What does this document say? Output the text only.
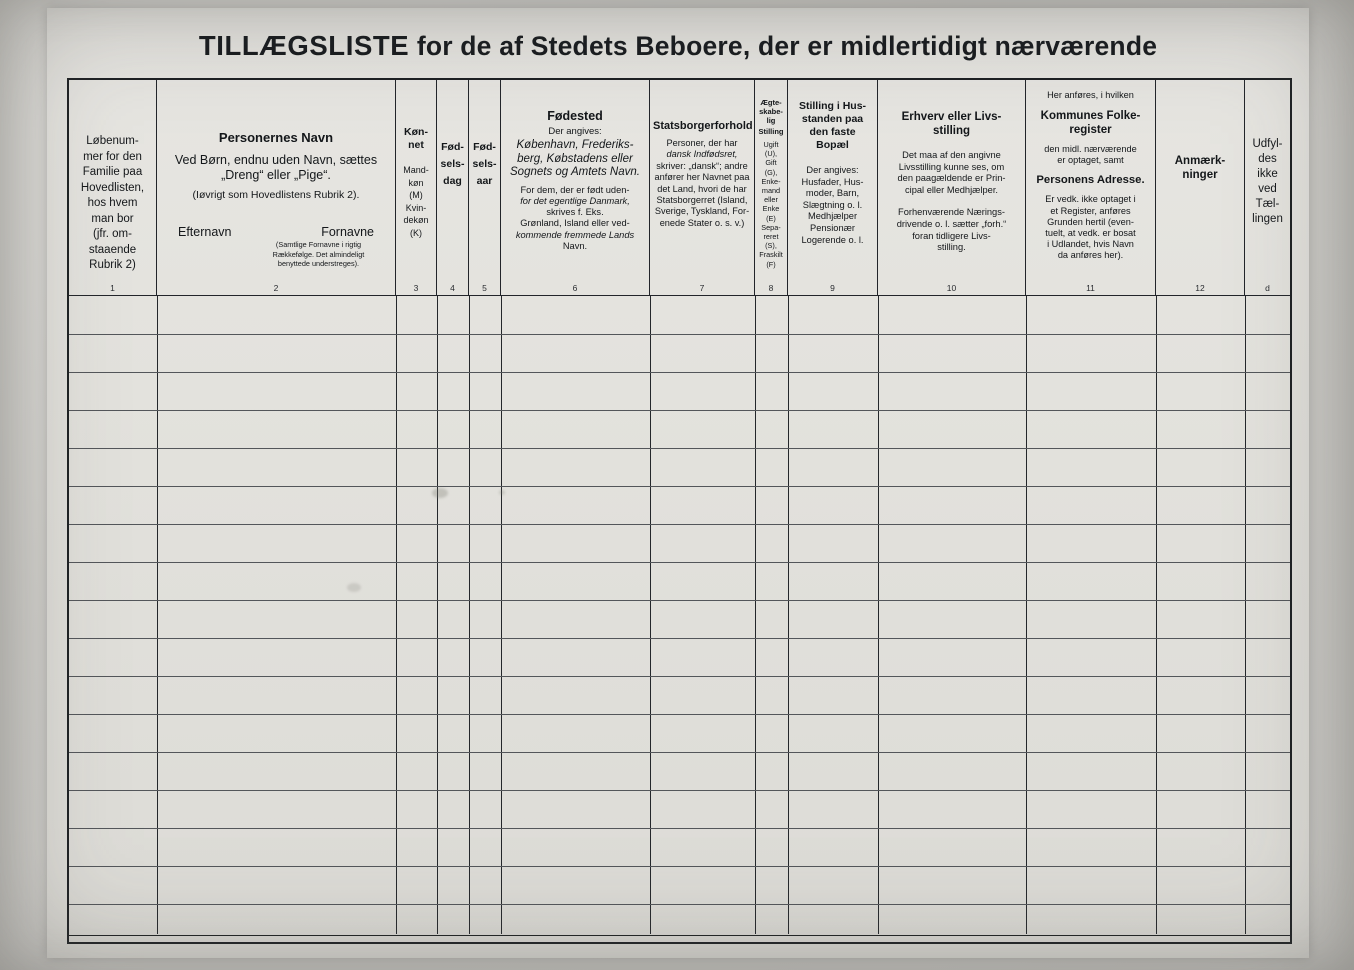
TILLÆGSLISTE for de af Stedets Beboere, der er midlertidigt nærværende
Løbenum-
mer for den
Familie paa
Hovedlisten,
hos hvem
man bor
(jfr. om-
staaende
Rubrik 2)
1
Personernes Navn
Ved Børn, endnu uden Navn, sættes
„Dreng“ eller „Pige“.
(Iøvrigt som Hovedlistens Rubrik 2).
Efternavn	Fornavne
(Samtlige Fornavne i rigtig
Rækkefølge. Det almindeligt
benyttede understreges).
2
Køn-
net
Mand-
køn
(M)
Kvin-
dekøn
(K)
3
Fød-
sels-
dag
4
Fød-
sels-
aar
5
Fødested
Der angives:
København, Frederiks-
berg, Købstadens eller
Sognets og Amtets Navn.
For dem, der er født uden-
for det egentlige Danmark,
skrives f. Eks.
Grønland, Island eller ved-
kommende fremmede Lands
Navn.
6
Statsborgerforhold
Personer, der har
dansk Indfødsret,
skriver: „dansk“; andre
anfører her Navnet paa
det Land, hvori de har
Statsborgerret (Island,
Sverige, Tyskland, For-
enede Stater o. s. v.)
7
Ægte-
skabe-
lig
Stilling
Ugift
(U),
Gift
(G),
Enke-
mand
eller
Enke
(E)
Sepa-
reret
(S),
Fraskilt
(F)
8
Stilling i Hus-
standen paa
den faste
Bopæl
Der angives:
Husfader, Hus-
moder, Barn,
Slægtning o. l.
Medhjælper
Pensionær
Logerende o. l.
9
Erhverv eller Livs-
stilling
Det maa af den angivne
Livsstilling kunne ses, om
den paagældende er Prin-
cipal eller Medhjælper.
Forhenværende Nærings-
drivende o. l. sætter „forh.“
foran tidligere Livs-
stilling.
10
Her anføres, i hvilken
Kommunes Folke-
register
den midl. nærværende
er optaget, samt
Personens Adresse.
Er vedk. ikke optaget i
et Register, anføres
Grunden hertil (even-
tuelt, at vedk. er bosat
i Udlandet, hvis Navn
da anføres her).
11
Anmærk-
ninger
12
Udfyl-
des
ikke
ved
Tæl-
lingen
d
